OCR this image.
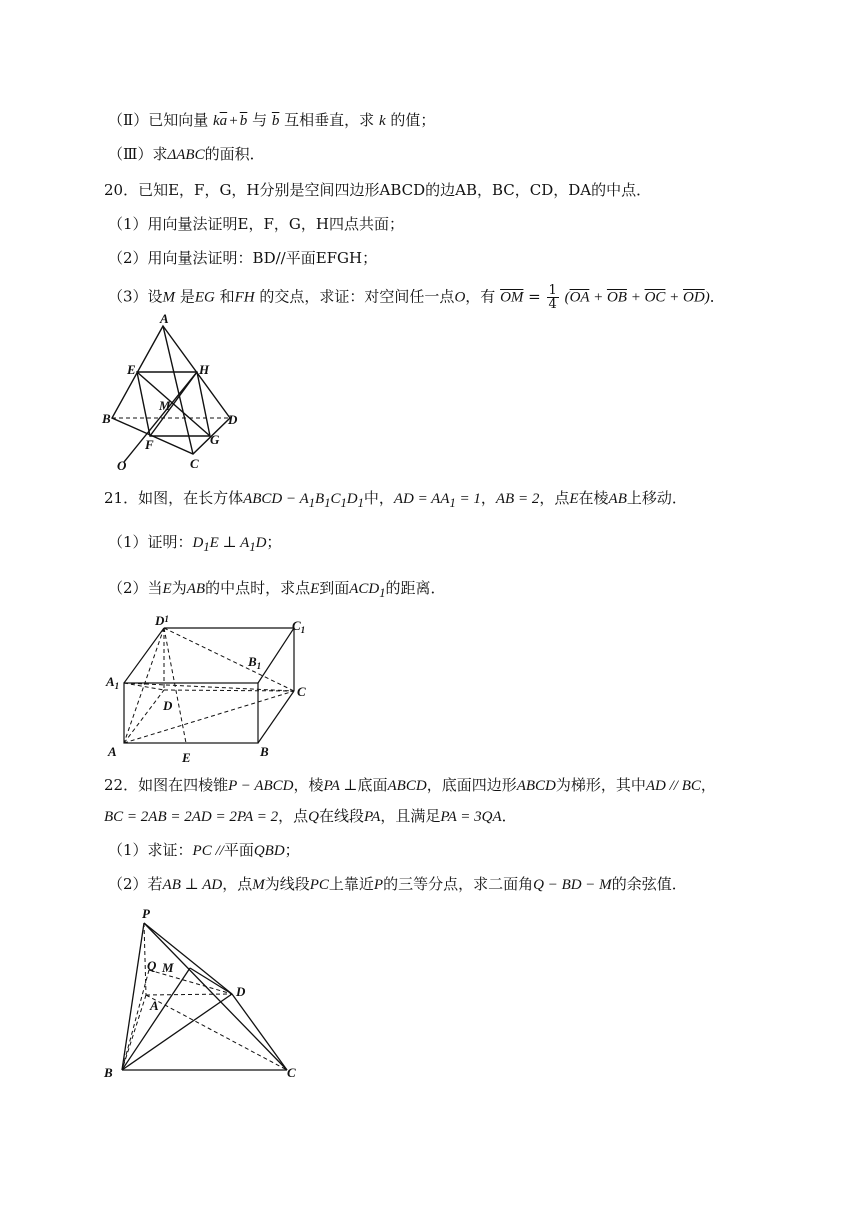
（Ⅱ）已知向量 $k\overline{a}$ + $\overline{b}$ 与 $\overline{b}$ 互相垂直，求 k 的值；
（Ⅲ）求ΔABC的面积．
20．已知E，F，G，H分别是空间四边形ABCD的边AB，BC，CD，DA的中点．
（1）用向量法证明E，F，G，H四点共面；
（2）用向量法证明：BD//平面EFGH；
（3）设M 是EG 和FH 的交点，求证：对空间任一点O，有 $\overline{OM} = \frac{1}{4} (\overline{OA} + \overline{OB} + \overline{OC} + \overline{OD})$．
A
E	H
M
B	D
F	G
O	C
21．如图，在长方体ABCD − $A_1B_1C_1D_1$中，AD = $AA_1 = 1$，AB = 2，点E在棱AB上移动．
（1）证明：$D_1E$ ⊥ $A_1D$；
（2）当E为AB的中点时，求点E到面$ACD_1$的距离．
$D^1$	$C_1$
$B_1$
$A_1$	C
D
A	B
E
22．如图在四棱锥P − ABCD，棱PA ⊥底面ABCD，底面四边形ABCD为梯形，其中AD // BC，
BC = 2AB = 2AD = 2PA = 2，点Q在线段PA，且满足PA = 3QA．
（1）求证：PC //平面QBD；
（2）若AB ⊥ AD，点M为线段PC上靠近P的三等分点，求二面角Q − BD − M的余弦值．
P
Q M
D
A
B	C
